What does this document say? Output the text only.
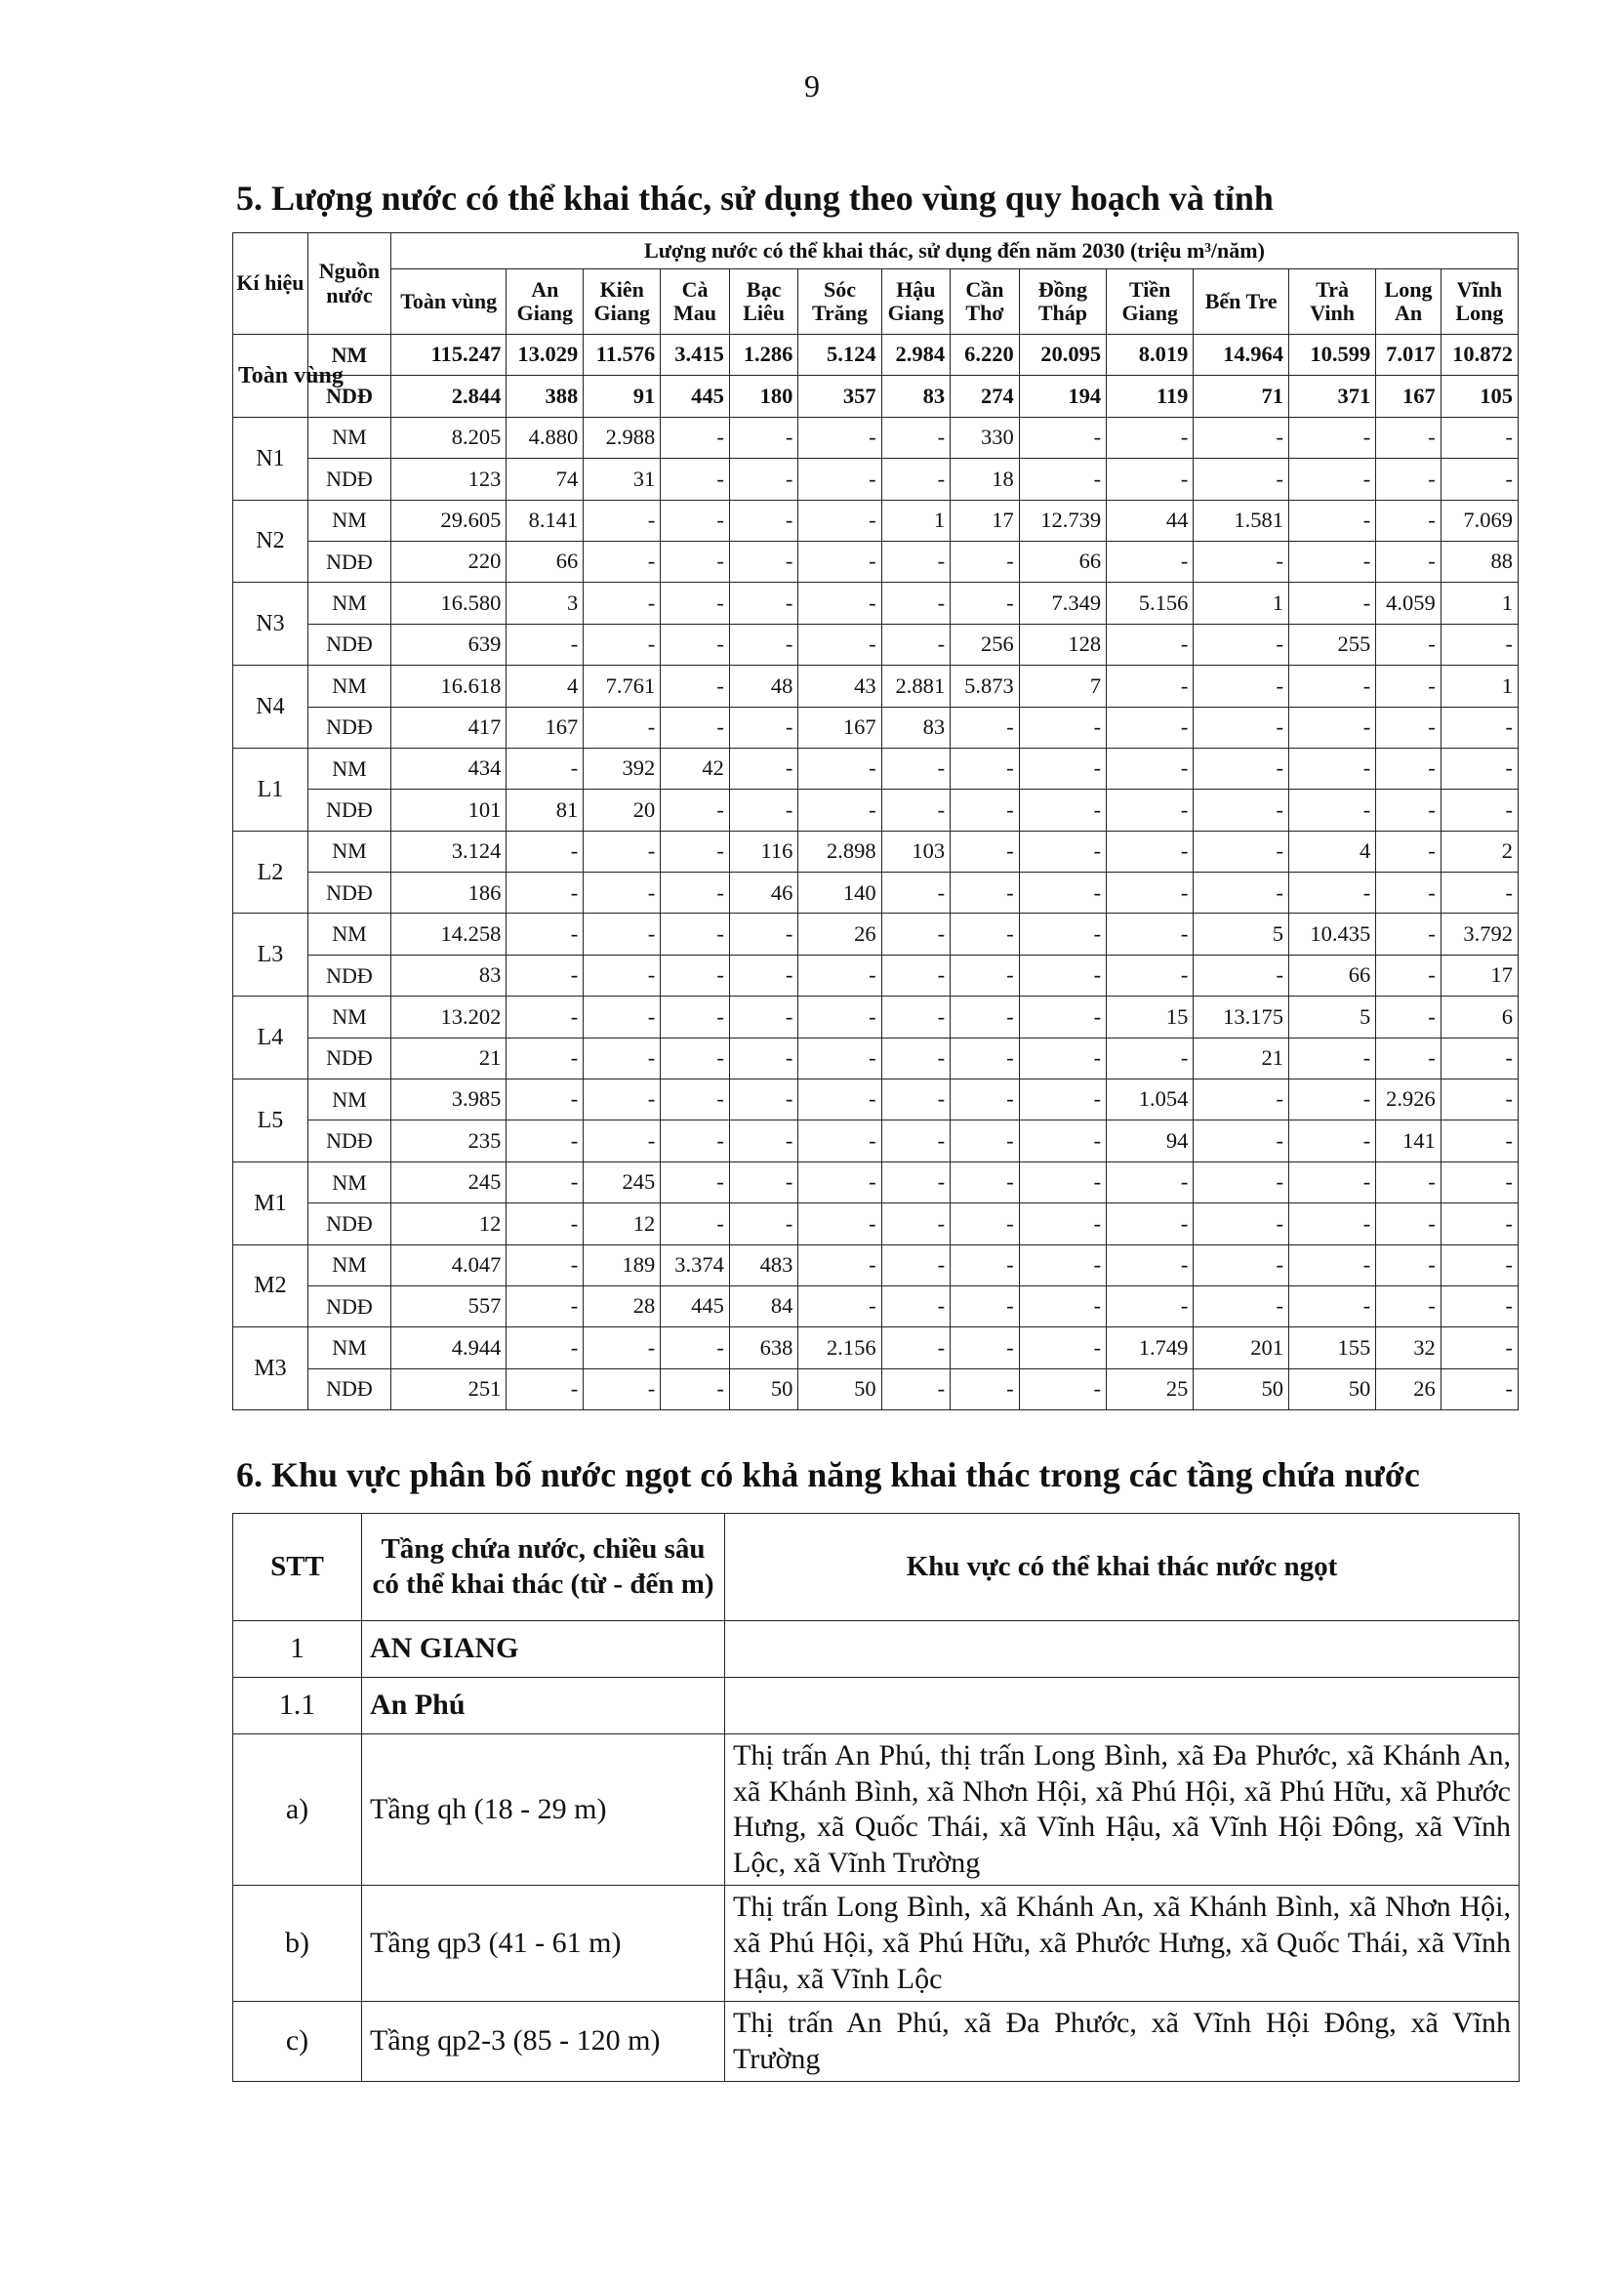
9
5. Lượng nước có thể khai thác, sử dụng theo vùng quy hoạch và tỉnh
Kí hiệu	Nguồn nước	Lượng nước có thể khai thác, sử dụng đến năm 2030 (triệu m³/năm)													
		Toàn vùng	An Giang	Kiên Giang	Cà Mau	Bạc Liêu	Sóc Trăng	Hậu Giang	Cần Thơ	Đồng Tháp	Tiền Giang	Bến Tre	Trà Vinh	Long An	Vĩnh Long
Toàn vùng	NM	115.247	13.029	11.576	3.415	1.286	5.124	2.984	6.220	20.095	8.019	14.964	10.599	7.017	10.872
	NDĐ	2.844	388	91	445	180	357	83	274	194	119	71	371	167	105
N1	NM	8.205	4.880	2.988	-	-	-	-	330	-	-	-	-	-	-
	NDĐ	123	74	31	-	-	-	-	18	-	-	-	-	-	-
N2	NM	29.605	8.141	-	-	-	-	1	17	12.739	44	1.581	-	-	7.069
	NDĐ	220	66	-	-	-	-	-	-	66	-	-	-	-	88
N3	NM	16.580	3	-	-	-	-	-	-	7.349	5.156	1	-	4.059	1
	NDĐ	639	-	-	-	-	-	-	256	128	-	-	255	-	-
N4	NM	16.618	4	7.761	-	48	43	2.881	5.873	7	-	-	-	-	1
	NDĐ	417	167	-	-	-	167	83	-	-	-	-	-	-	-
L1	NM	434	-	392	42	-	-	-	-	-	-	-	-	-	-
	NDĐ	101	81	20	-	-	-	-	-	-	-	-	-	-	-
L2	NM	3.124	-	-	-	116	2.898	103	-	-	-	-	4	-	2
	NDĐ	186	-	-	-	46	140	-	-	-	-	-	-	-	-
L3	NM	14.258	-	-	-	-	26	-	-	-	-	5	10.435	-	3.792
	NDĐ	83	-	-	-	-	-	-	-	-	-	-	66	-	17
L4	NM	13.202	-	-	-	-	-	-	-	-	15	13.175	5	-	6
	NDĐ	21	-	-	-	-	-	-	-	-	-	21	-	-	-
L5	NM	3.985	-	-	-	-	-	-	-	-	1.054	-	-	2.926	-
	NDĐ	235	-	-	-	-	-	-	-	-	94	-	-	141	-
M1	NM	245	-	245	-	-	-	-	-	-	-	-	-	-	-
	NDĐ	12	-	12	-	-	-	-	-	-	-	-	-	-	-
M2	NM	4.047	-	189	3.374	483	-	-	-	-	-	-	-	-	-
	NDĐ	557	-	28	445	84	-	-	-	-	-	-	-	-	-
M3	NM	4.944	-	-	-	638	2.156	-	-	-	1.749	201	155	32	-
	NDĐ	251	-	-	-	50	50	-	-	-	25	50	50	26	-
6. Khu vực phân bố nước ngọt có khả năng khai thác trong các tầng chứa nước
STT	Tầng chứa nước, chiều sâu có thể khai thác (từ - đến m)	Khu vực có thể khai thác nước ngọt
1	AN GIANG	
1.1	An Phú	
a)	Tầng qh (18 - 29 m)	Thị trấn An Phú, thị trấn Long Bình, xã Đa Phước, xã Khánh An, xã Khánh Bình, xã Nhơn Hội, xã Phú Hội, xã Phú Hữu, xã Phước Hưng, xã Quốc Thái, xã Vĩnh Hậu, xã Vĩnh Hội Đông, xã Vĩnh Lộc, xã Vĩnh Trường
b)	Tầng qp3 (41 - 61 m)	Thị trấn Long Bình, xã Khánh An, xã Khánh Bình, xã Nhơn Hội, xã Phú Hội, xã Phú Hữu, xã Phước Hưng, xã Quốc Thái, xã Vĩnh Hậu, xã Vĩnh Lộc
c)	Tầng qp2-3 (85 - 120 m)	Thị trấn An Phú, xã Đa Phước, xã Vĩnh Hội Đông, xã Vĩnh Trường
